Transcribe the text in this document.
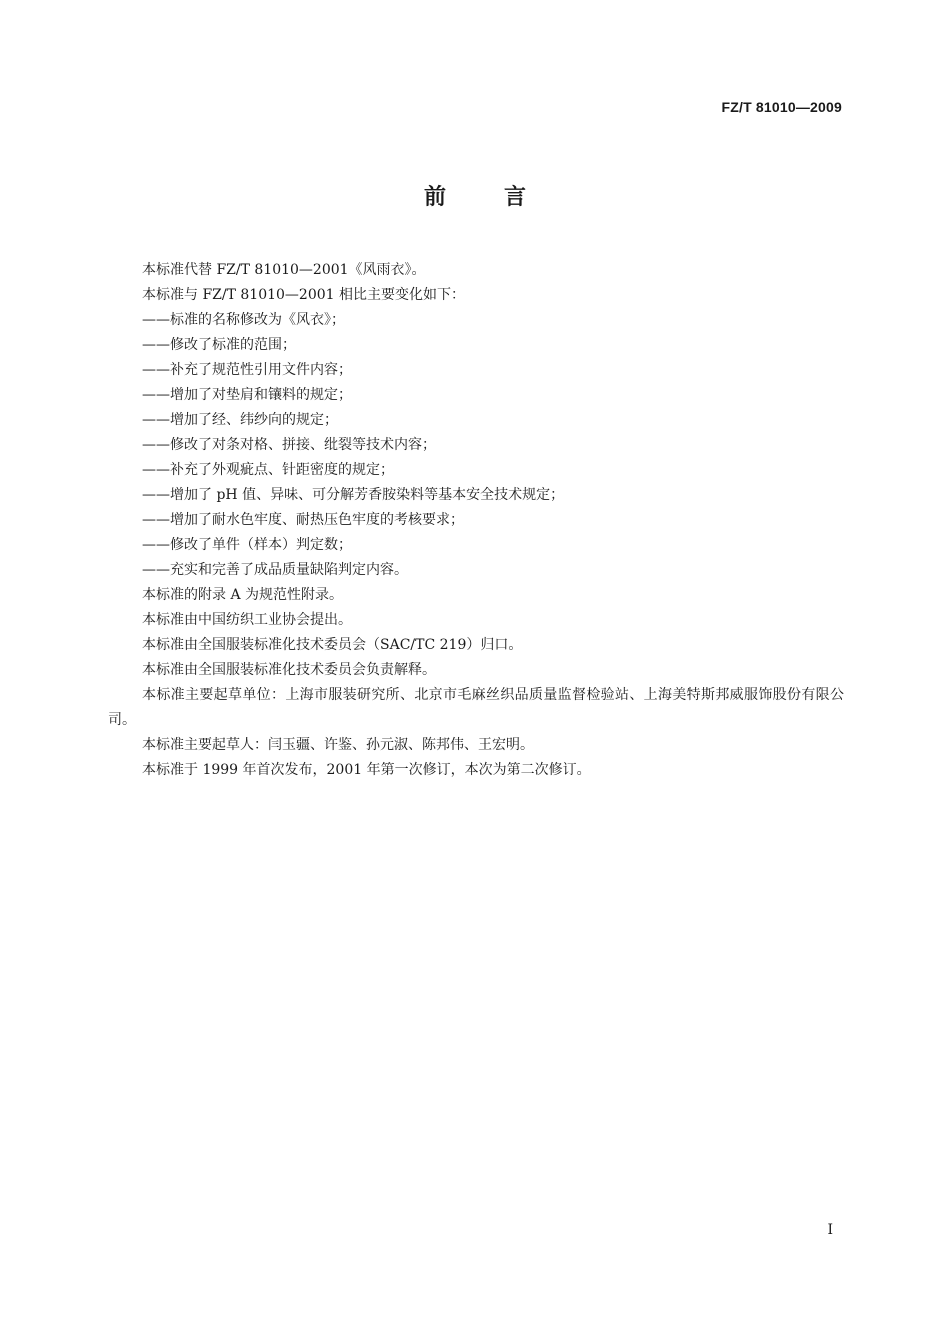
FZ/T 81010—2009
前言

本标准代替 FZ/T 81010—2001《风雨衣》。

本标准与 FZ/T 81010—2001 相比主要变化如下：

——标准的名称修改为《风衣》；

——修改了标准的范围；

——补充了规范性引用文件内容；

——增加了对垫肩和镶料的规定；

——增加了经、纬纱向的规定；

——修改了对条对格、拼接、纰裂等技术内容；

——补充了外观疵点、针距密度的规定；

——增加了 pH 值、异味、可分解芳香胺染料等基本安全技术规定；

——增加了耐水色牢度、耐热压色牢度的考核要求；

——修改了单件（样本）判定数；

——充实和完善了成品质量缺陷判定内容。

本标准的附录 A 为规范性附录。

本标准由中国纺织工业协会提出。

本标准由全国服装标准化技术委员会（SAC/TC 219）归口。

本标准由全国服装标准化技术委员会负责解释。

本标准主要起草单位：上海市服装研究所、北京市毛麻丝织品质量监督检验站、上海美特斯邦威服饰股份有限公司。

本标准主要起草人：闫玉疆、许鉴、孙元淑、陈邦伟、王宏明。

本标准于 1999 年首次发布，2001 年第一次修订，本次为第二次修订。

I
